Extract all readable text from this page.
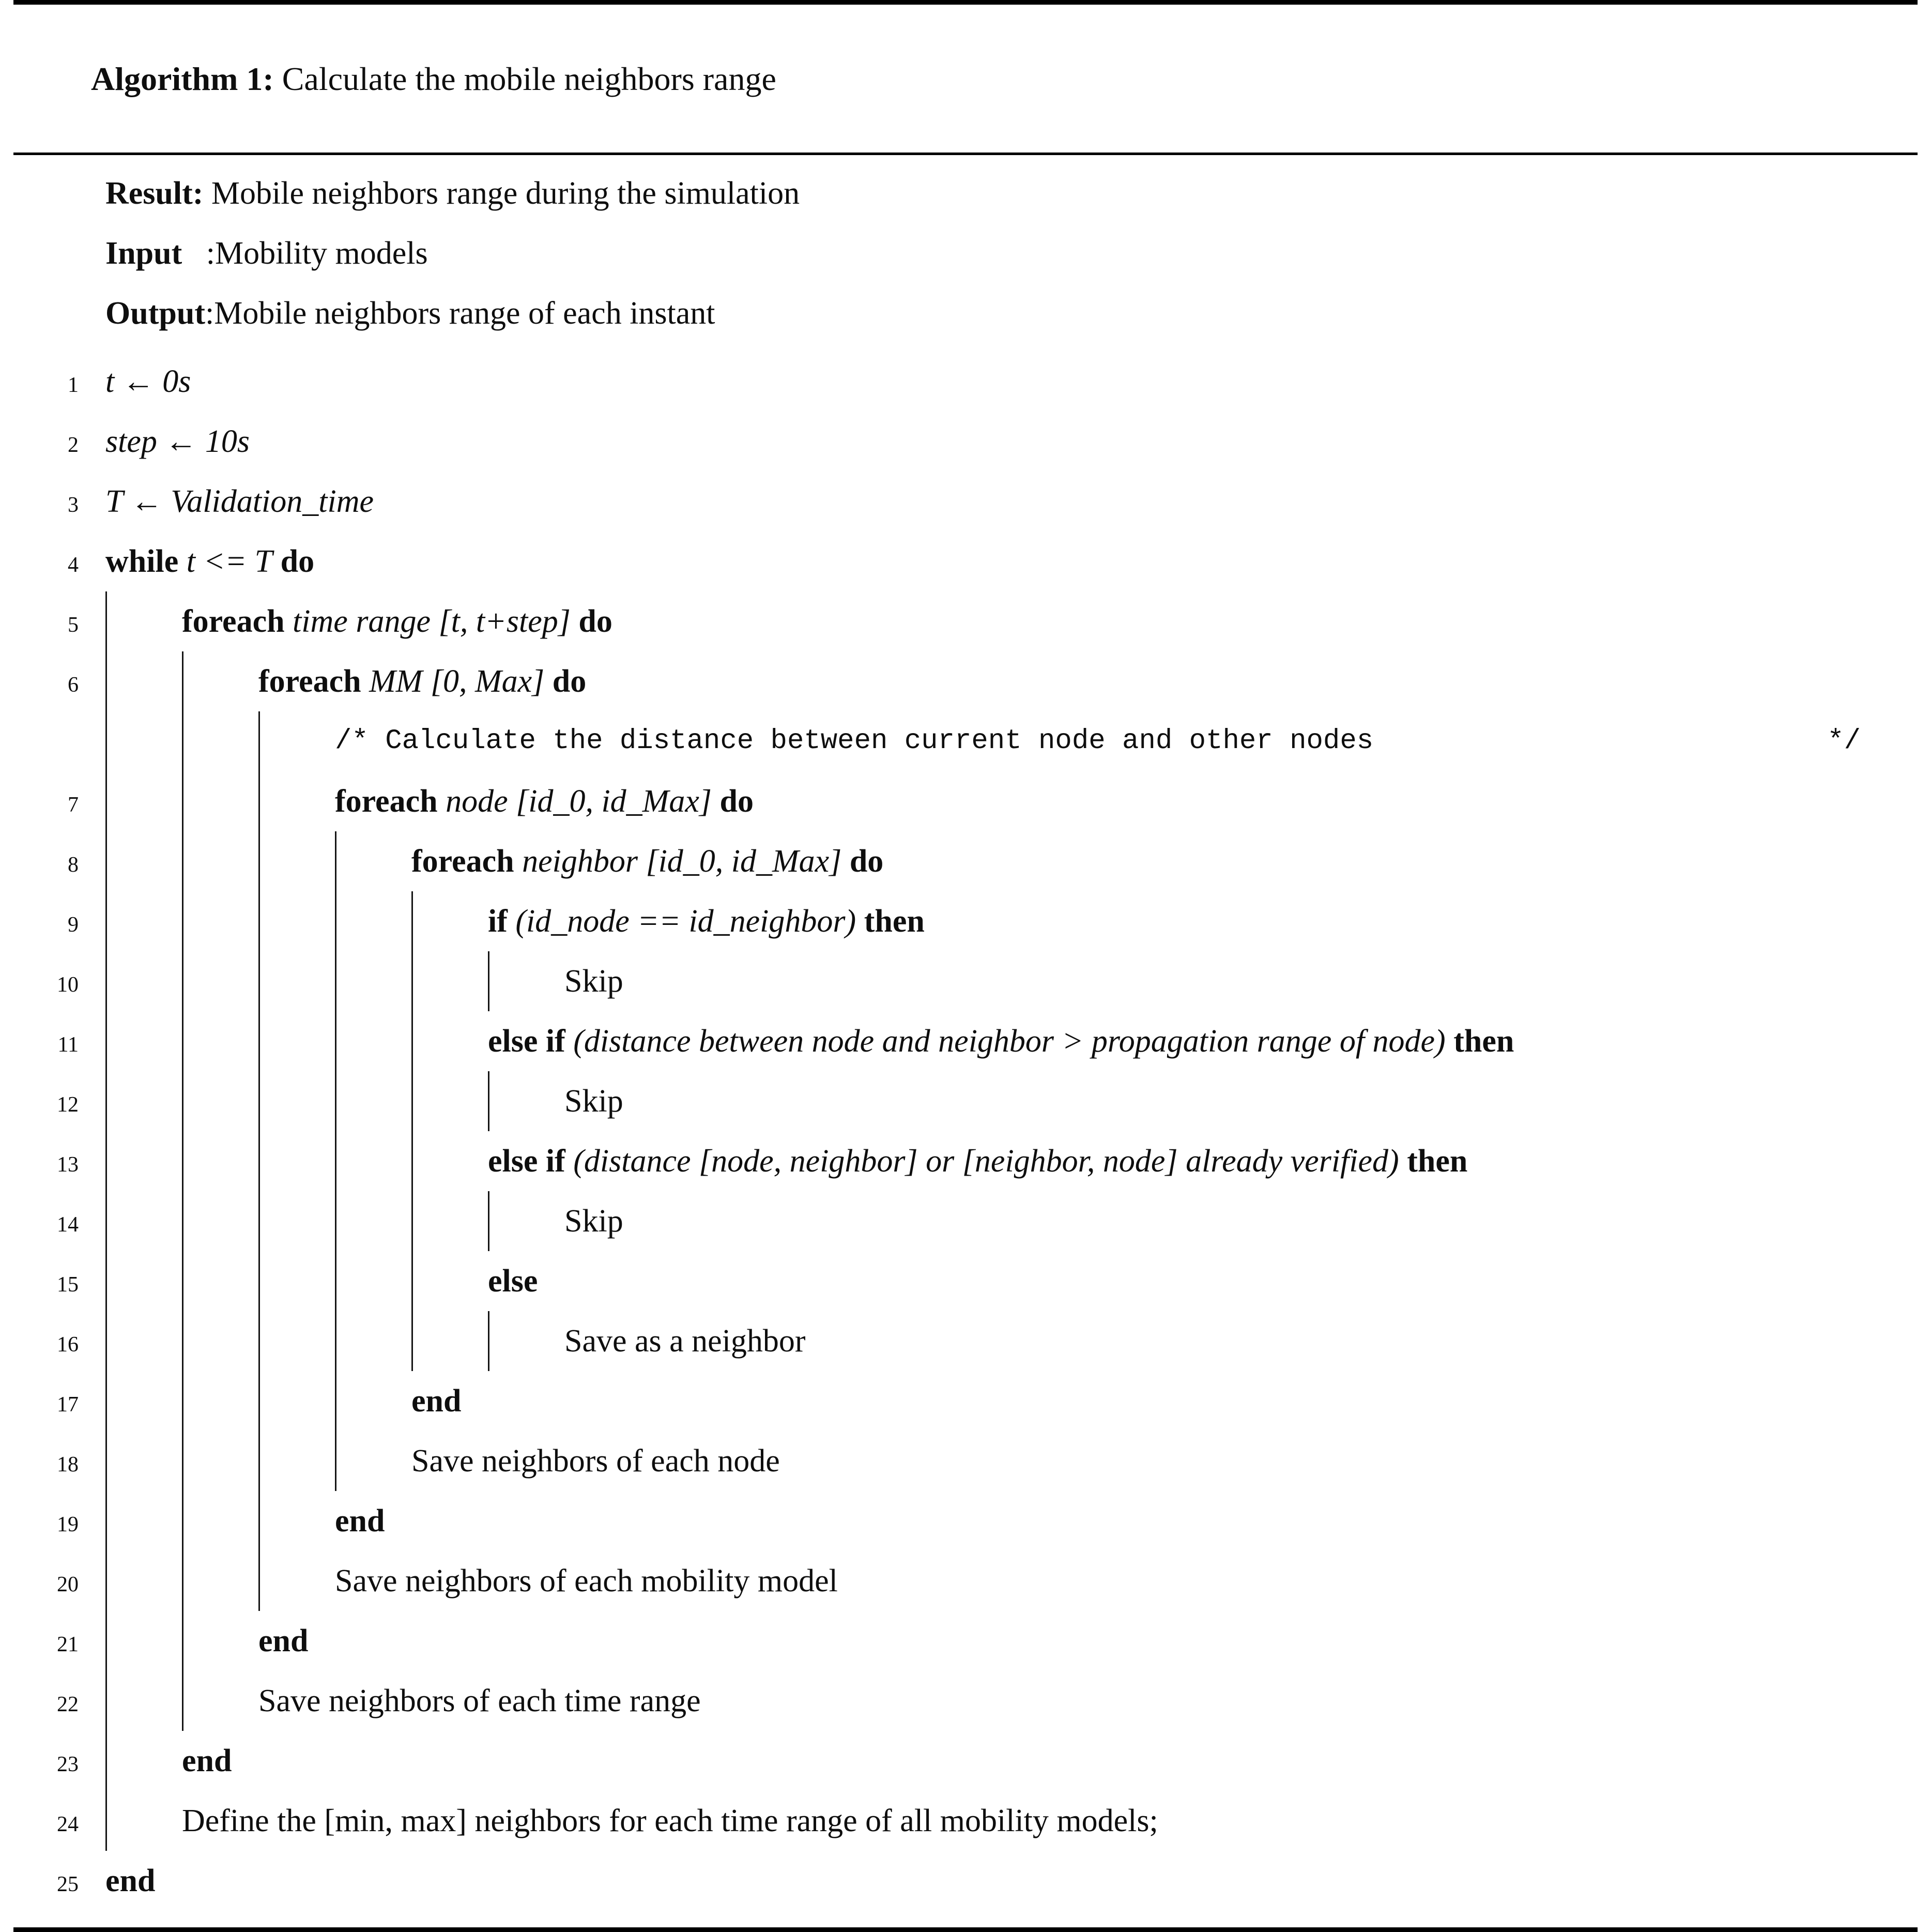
Algorithm 1: Calculate the mobile neighbors range

Result: Mobile neighbors range during the simulation
Input   :Mobility models
Output:Mobile neighbors range of each instant
1 t ← 0s
2 step ← 10s
3 T ← Validation_time
4 while t <= T do
5	foreach time range [t, t+step] do
6	foreach MM [0, Max] do
/* Calculate the distance between current node and other nodes	*/
7	foreach node [id_0, id_Max] do
8	foreach neighbor [id_0, id_Max] do
9	if (id_node == id_neighbor) then
10	Skip
11	else if (distance between node and neighbor > propagation range of node) then
12	Skip
13	else if (distance [node, neighbor] or [neighbor, node] already verified) then
14	Skip
15	else
16	Save as a neighbor
17	end
18	Save neighbors of each node
19	end
20	Save neighbors of each mobility model
21	end
22	Save neighbors of each time range
23	end
24	Define the [min, max] neighbors for each time range of all mobility models;
25 end
